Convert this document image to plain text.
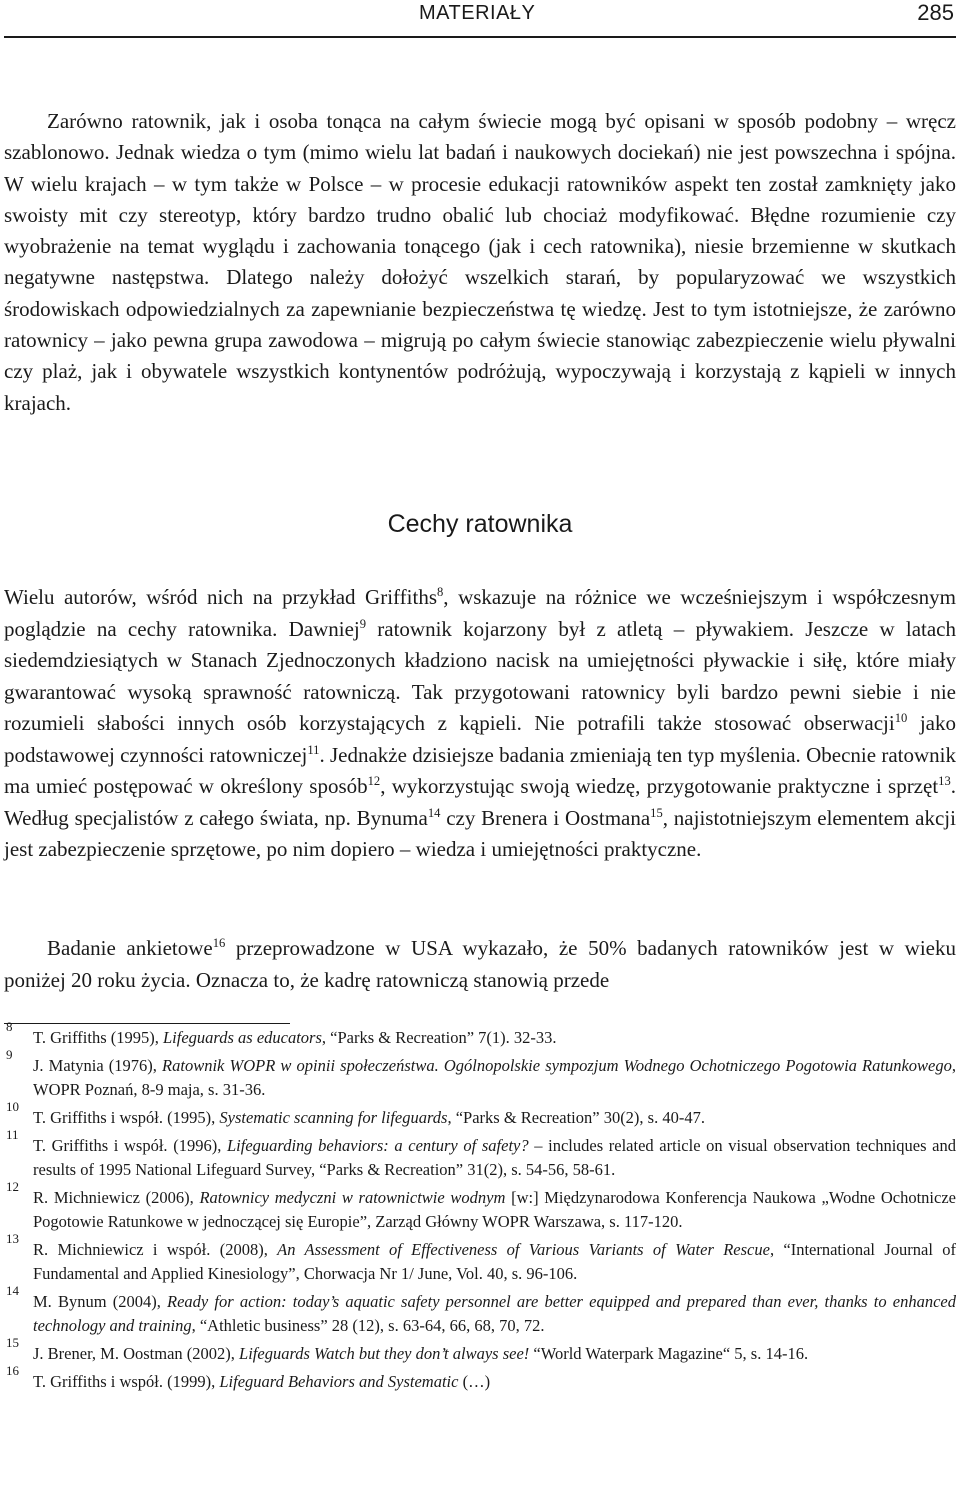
MATERIAŁY	285

Zarówno ratownik, jak i osoba tonąca na całym świecie mogą być opisani w sposób podobny – wręcz szablonowo. Jednak wiedza o tym (mimo wielu lat badań i naukowych dociekań) nie jest powszechna i spójna. W wielu krajach – w tym także w Polsce – w procesie edukacji ratowników aspekt ten został zamknięty jako swoisty mit czy stereotyp, który bardzo trudno obalić lub chociaż modyfikować. Błędne rozumienie czy wyobrażenie na temat wyglądu i zachowania tonącego (jak i cech ratownika), niesie brzemienne w skutkach negatywne następstwa. Dlatego należy dołożyć wszelkich starań, by popularyzować we wszystkich środowiskach odpowiedzialnych za zapewnianie bezpieczeństwa tę wiedzę. Jest to tym istotniejsze, że zarówno ratownicy – jako pewna grupa zawodowa – migrują po całym świecie stanowiąc zabezpieczenie wielu pływalni czy plaż, jak i obywatele wszystkich kontynentów podróżują, wypoczywają i korzystają z kąpieli w innych krajach.

Cechy ratownika

Wielu autorów, wśród nich na przykład Griffiths$^8$, wskazuje na różnice we wcześniejszym i współczesnym poglądzie na cechy ratownika. Dawniej$^9$ ratownik kojarzony był z atletą – pływakiem. Jeszcze w latach siedemdziesiątych w Stanach Zjednoczonych kładziono nacisk na umiejętności pływackie i siłę, które miały gwarantować wysoką sprawność ratowniczą. Tak przygotowani ratownicy byli bardzo pewni siebie i nie rozumieli słabości innych osób korzystających z kąpieli. Nie potrafili także stosować obserwacji$^{10}$ jako podstawowej czynności ratowniczej$^{11}$. Jednakże dzisiejsze badania zmieniają ten typ myślenia. Obecnie ratownik ma umieć postępować w określony sposób$^{12}$, wykorzystując swoją wiedzę, przygotowanie praktyczne i sprzęt$^{13}$. Według specjalistów z całego świata, np. Bynuma$^{14}$ czy Brenera i Oostmana$^{15}$, najistotniejszym elementem akcji jest zabezpieczenie sprzętowe, po nim dopiero – wiedza i umiejętności praktyczne.

Badanie ankietowe$^{16}$ przeprowadzone w USA wykazało, że 50% badanych ratowników jest w wieku poniżej 20 roku życia. Oznacza to, że kadrę ratowniczą stanowią przede

8
T. Griffiths (1995), Lifeguards as educators, “Parks & Recreation” 7(1). 32-33.
9
J. Matynia (1976), Ratownik WOPR w opinii społeczeństwa. Ogólnopolskie sympozjum Wodnego Ochotniczego Pogotowia Ratunkowego, WOPR Poznań, 8-9 maja, s. 31-36.
10
T. Griffiths i współ. (1995), Systematic scanning for lifeguards, “Parks & Recreation” 30(2), s. 40-47.
11
T. Griffiths i współ. (1996), Lifeguarding behaviors: a century of safety? – includes related article on visual observation techniques and results of 1995 National Lifeguard Survey, “Parks & Recreation” 31(2), s. 54-56, 58-61.
12
R. Michniewicz (2006), Ratownicy medyczni w ratownictwie wodnym [w:] Międzynarodowa Konferencja Naukowa „Wodne Ochotnicze Pogotowie Ratunkowe w jednoczącej się Europie”, Zarząd Główny WOPR Warszawa, s. 117-120.
13
R. Michniewicz i współ. (2008), An Assessment of Effectiveness of Various Variants of Water Rescue, “International Journal of Fundamental and Applied Kinesiology”, Chorwacja Nr 1/ June, Vol. 40, s. 96-106.
14
M. Bynum (2004), Ready for action: today’s aquatic safety personnel are better equipped and prepared than ever, thanks to enhanced technology and training, “Athletic business” 28 (12), s. 63-64, 66, 68, 70, 72.
15
J. Brener, M. Oostman (2002), Lifeguards Watch but they don’t always see! “World Waterpark Magazine“ 5, s. 14-16.
16
T. Griffiths i współ. (1999), Lifeguard Behaviors and Systematic (…)
